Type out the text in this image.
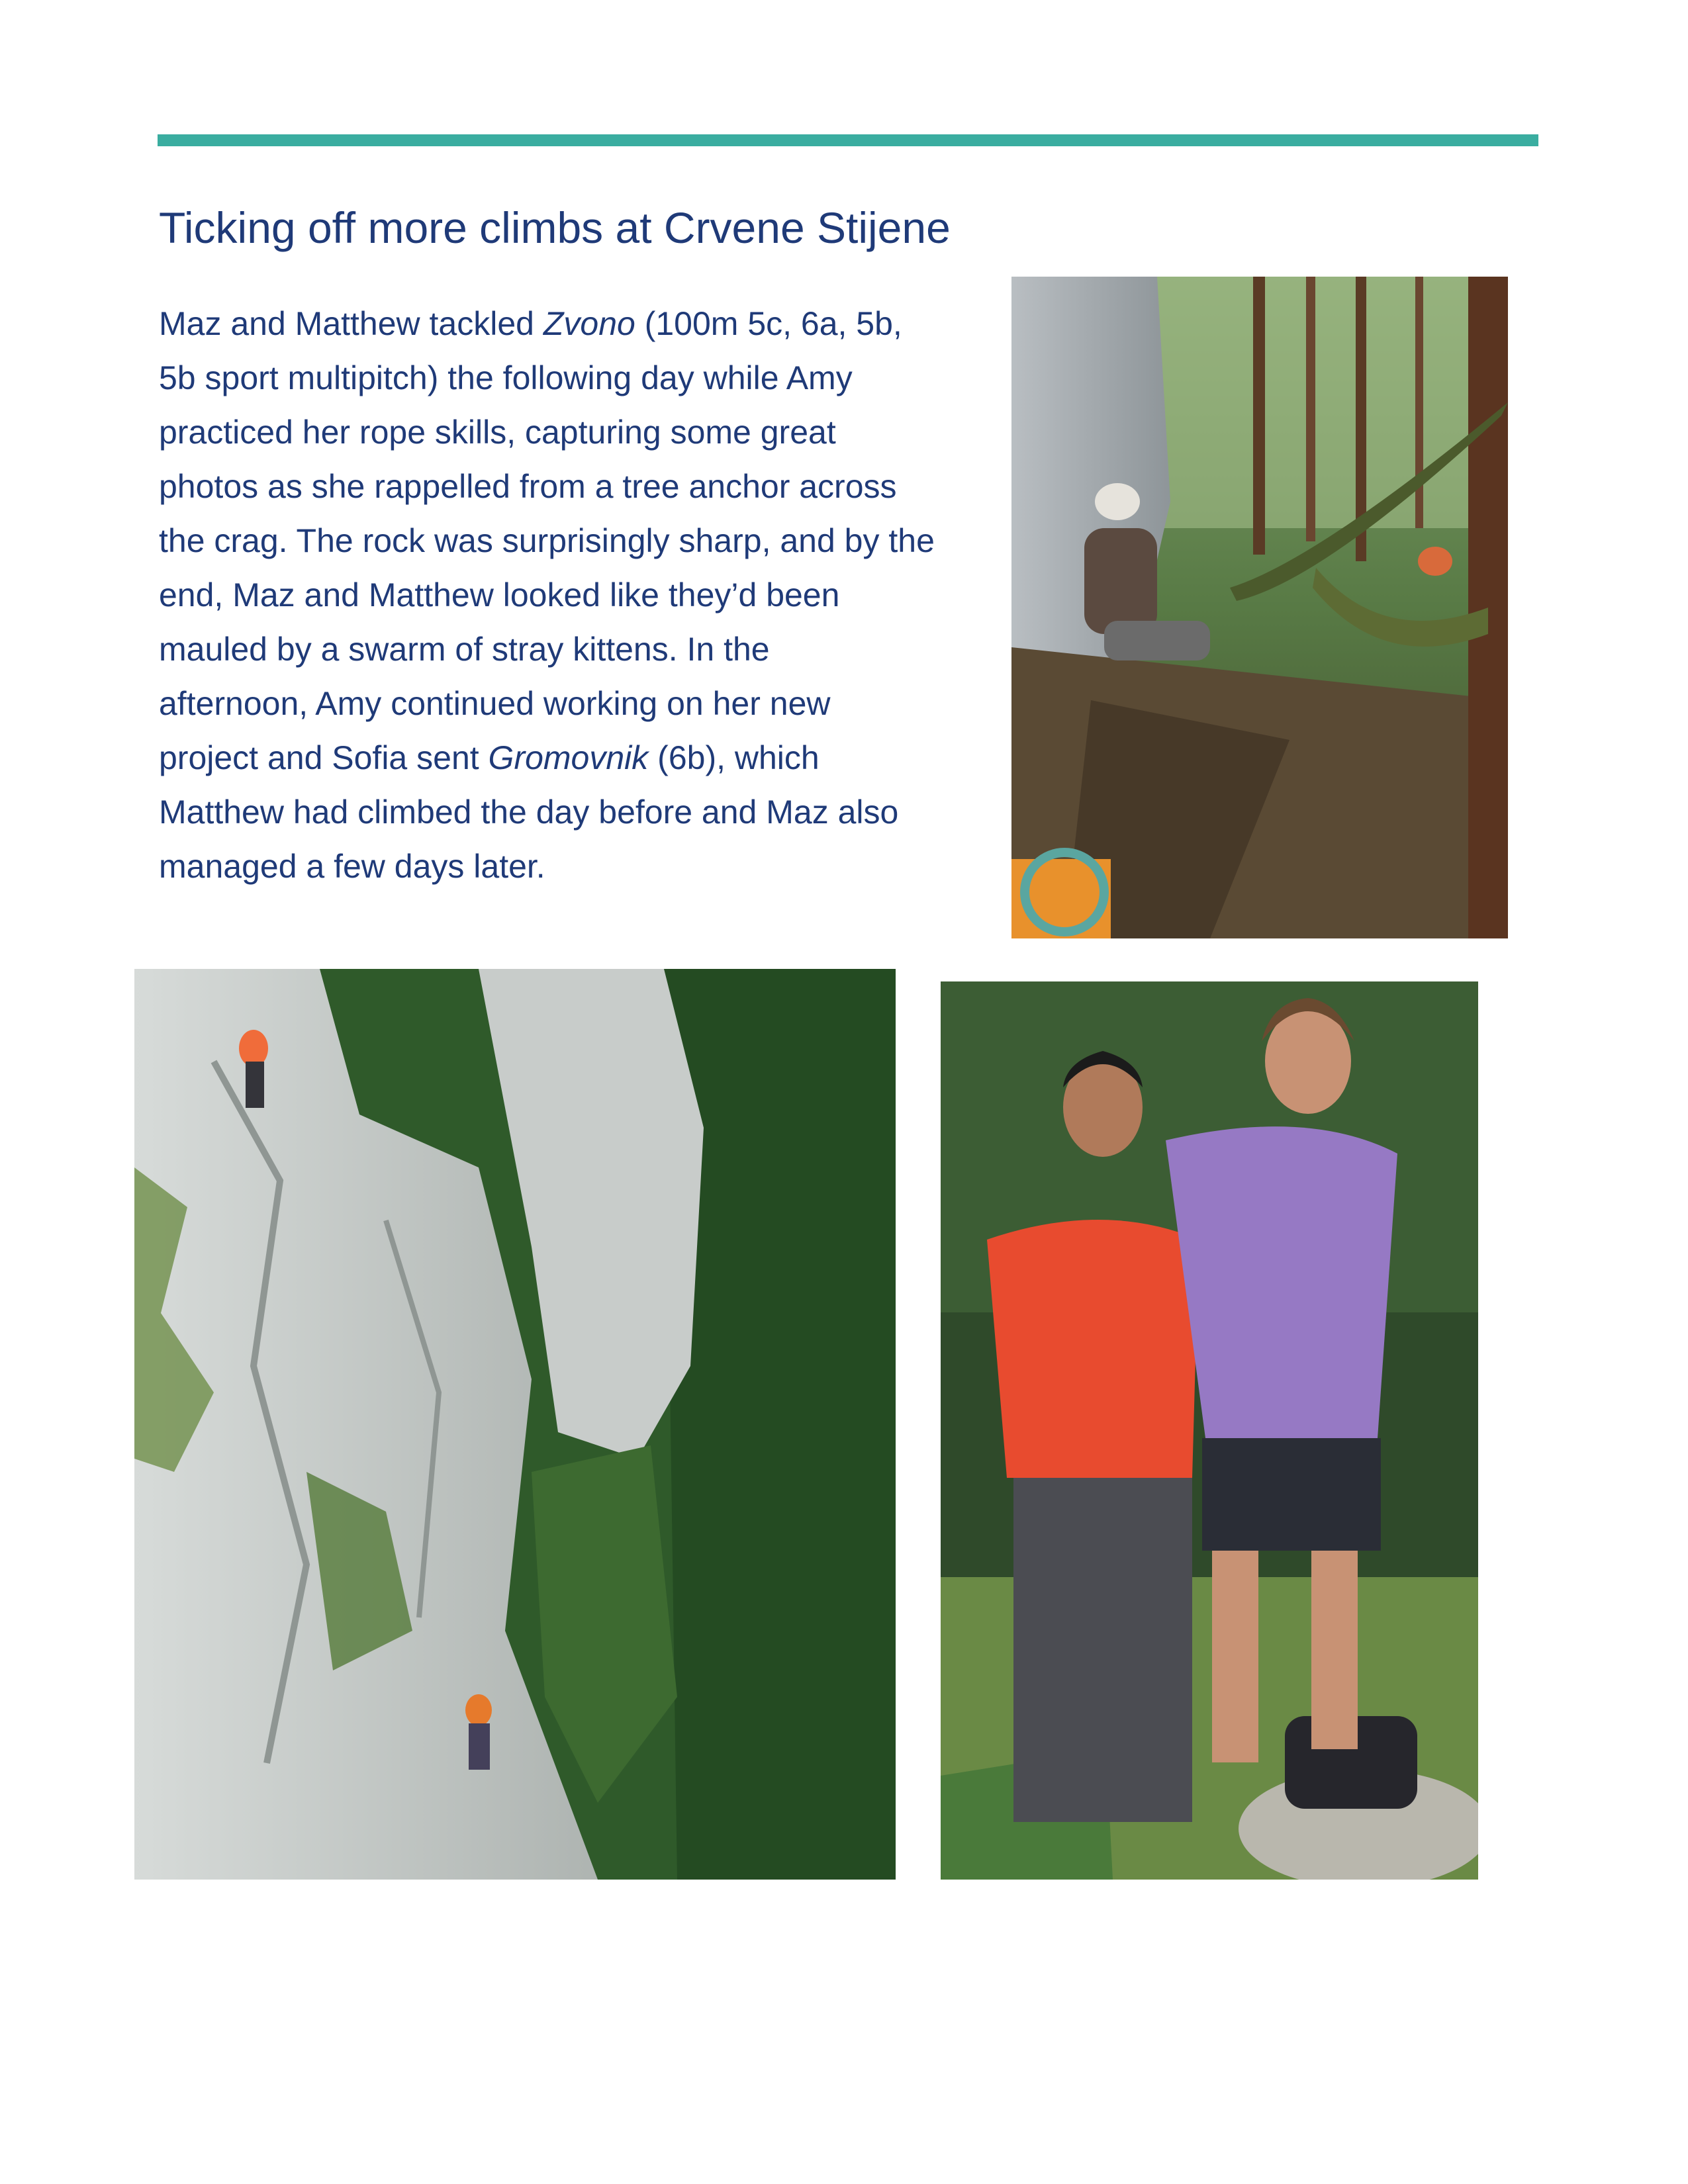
Ticking off more climbs at Crvene Stijene

Maz and Matthew tackled Zvono (100m 5c, 6a, 5b,
5b sport multipitch) the following day while Amy
practiced her rope skills, capturing some great
photos as she rappelled from a tree anchor across
the crag. The rock was surprisingly sharp, and by the
end, Maz and Matthew looked like they’d been
mauled by a swarm of stray kittens. In the
afternoon, Amy continued working on her new
project and Sofia sent Gromovnik (6b), which
Matthew had climbed the day before and Maz also
managed a few days later.
